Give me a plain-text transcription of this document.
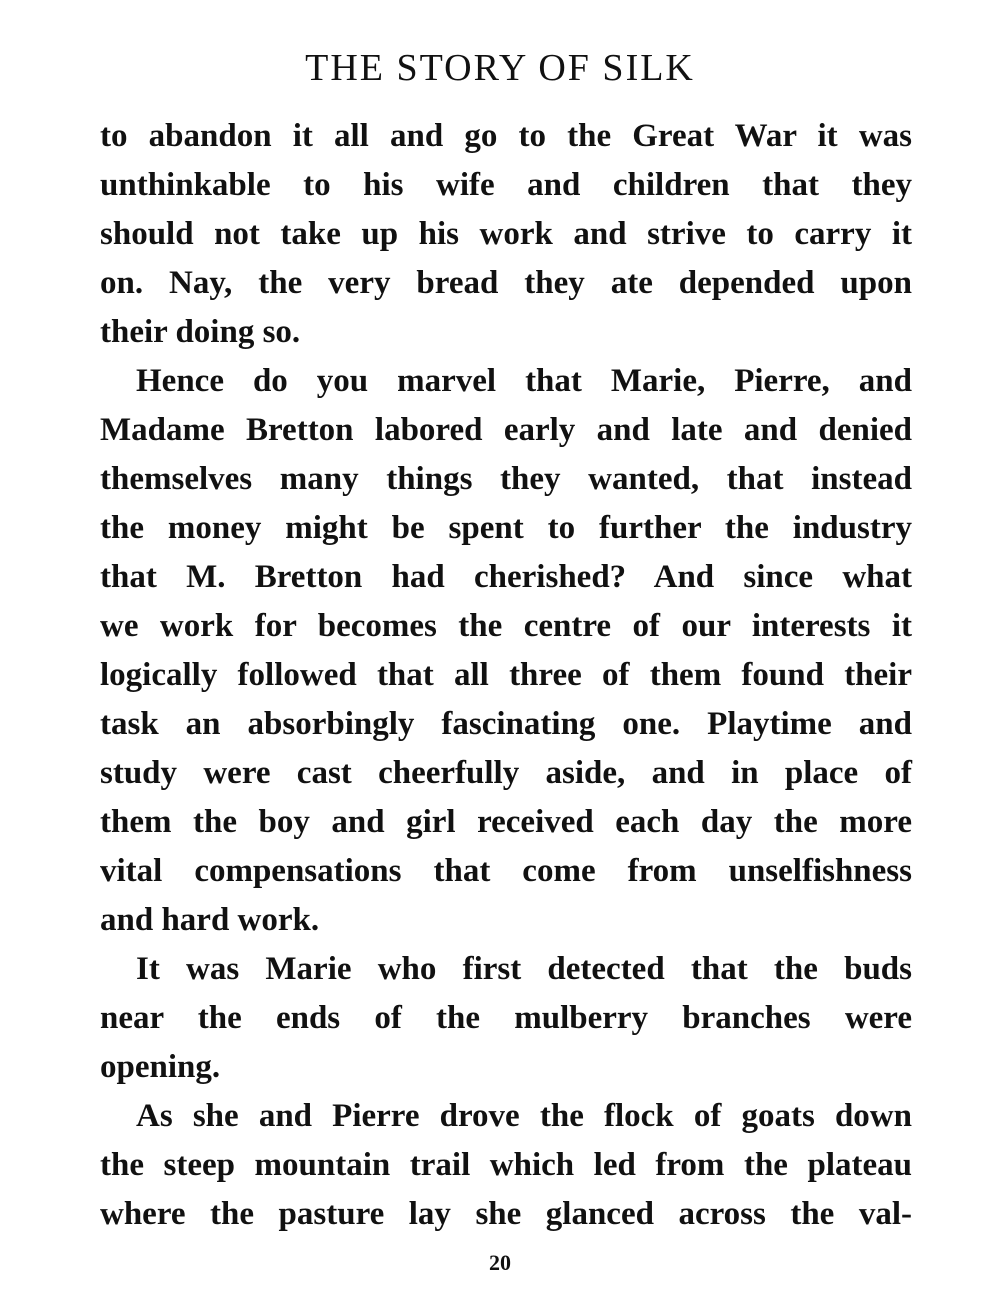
THE STORY OF SILK
to abandon it all and go to the Great War it was
unthinkable to his wife and children that they
should not take up his work and strive to carry it
on. Nay, the very bread they ate depended upon
their doing so.
Hence do you marvel that Marie, Pierre, and
Madame Bretton labored early and late and denied
themselves many things they wanted, that instead
the money might be spent to further the industry
that M. Bretton had cherished? And since what
we work for becomes the centre of our interests it
logically followed that all three of them found their
task an absorbingly fascinating one. Playtime and
study were cast cheerfully aside, and in place of
them the boy and girl received each day the more
vital compensations that come from unselfishness
and hard work.
It was Marie who first detected that the buds
near the ends of the mulberry branches were
opening.
As she and Pierre drove the flock of goats down
the steep mountain trail which led from the plateau
where the pasture lay she glanced across the val-
20
